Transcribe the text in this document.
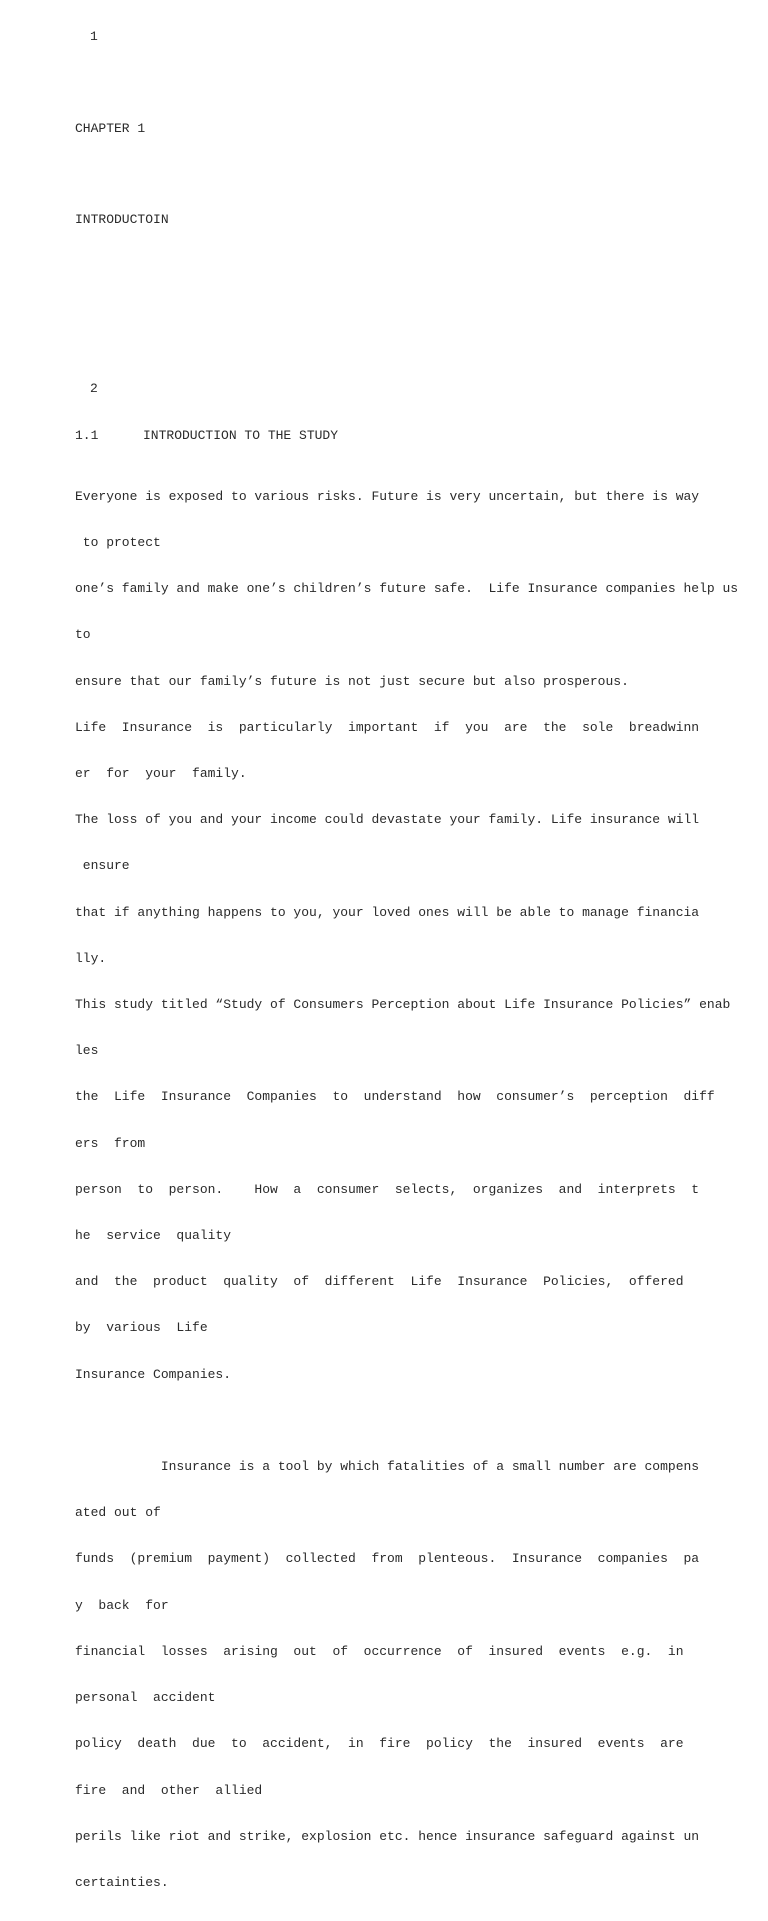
1
CHAPTER 1
INTRODUCTOIN
2
1.1	INTRODUCTION TO THE STUDY

Everyone is exposed to various risks. Future is very uncertain, but there is way

to protect

one’s family and make one’s children’s future safe.  Life Insurance companies help us

to

ensure that our family’s future is not just secure but also prosperous.

Life  Insurance  is  particularly  important  if  you  are  the  sole  breadwinn

er  for  your  family.

The loss of you and your income could devastate your family. Life insurance will

ensure

that if anything happens to you, your loved ones will be able to manage financia

lly.

This study titled “Study of Consumers Perception about Life Insurance Policies” enab

les

the  Life  Insurance  Companies  to  understand  how  consumer’s  perception  diff

ers  from

person  to  person.    How  a  consumer  selects,  organizes  and  interprets  t

he  service  quality

and  the  product  quality  of  different  Life  Insurance  Policies,  offered

by  various  Life

Insurance Companies.

Insurance is a tool by which fatalities of a small number are compens

ated out of

funds  (premium  payment)  collected  from  plenteous.  Insurance  companies  pa

y  back  for

financial  losses  arising  out  of  occurrence  of  insured  events  e.g.  in

personal  accident

policy  death  due  to  accident,  in  fire  policy  the  insured  events  are

fire  and  other  allied

perils like riot and strike, explosion etc. hence insurance safeguard against un

certainties.
